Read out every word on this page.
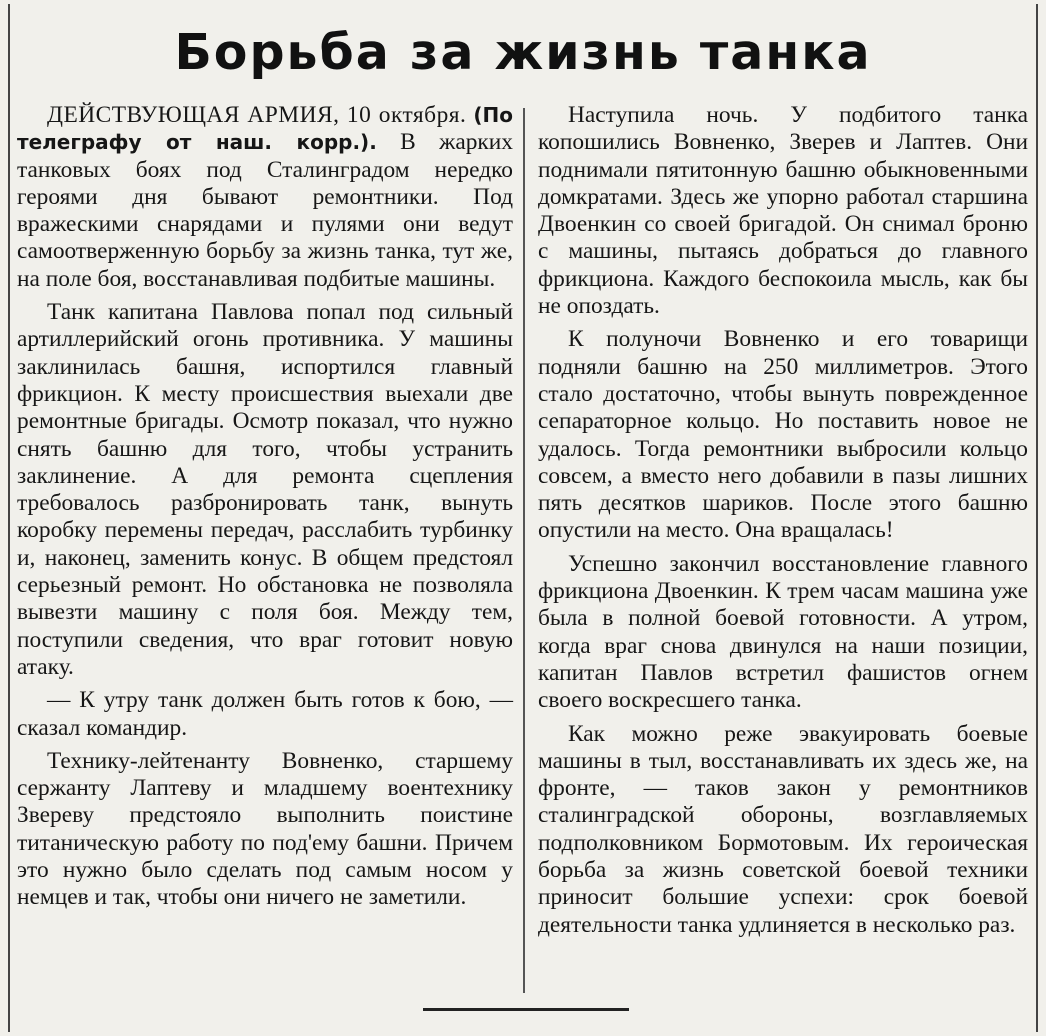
Борьба за жизнь танка

ДЕЙСТВУЮЩАЯ АРМИЯ, 10 октября. (По телеграфу от наш. корр.). В жарких танковых боях под Сталинградом нередко героями дня бывают ремонтники. Под вражескими снарядами и пулями они ведут самоотверженную борьбу за жизнь танка, тут же, на поле боя, восстанавливая подбитые машины.

Танк капитана Павлова попал под сильный артиллерийский огонь противника. У машины заклинилась башня, испортился главный фрикцион. К месту происшествия выехали две ремонтные бригады. Осмотр показал, что нужно снять башню для того, чтобы устранить заклинение. А для ремонта сцепления требовалось разбронировать танк, вынуть коробку перемены передач, расслабить турбинку и, наконец, заменить конус. В общем предстоял серьезный ремонт. Но обстановка не позволяла вывезти машину с поля боя. Между тем, поступили сведения, что враг готовит новую атаку.

— К утру танк должен быть готов к бою, — сказал командир.

Технику-лейтенанту Вовненко, старшему сержанту Лаптеву и младшему воентехнику Звереву предстояло выполнить поистине титаническую работу по под'ему башни. Причем это нужно было сделать под самым носом у немцев и так, чтобы они ничего не заметили.

Наступила ночь. У подбитого танка копошились Вовненко, Зверев и Лаптев. Они поднимали пятитонную башню обыкновенными домкратами. Здесь же упорно работал старшина Двоенкин со своей бригадой. Он снимал броню с машины, пытаясь добраться до главного фрикциона. Каждого беспокоила мысль, как бы не опоздать.

К полуночи Вовненко и его товарищи подняли башню на 250 миллиметров. Этого стало достаточно, чтобы вынуть поврежденное сепараторное кольцо. Но поставить новое не удалось. Тогда ремонтники выбросили кольцо совсем, а вместо него добавили в пазы лишних пять десятков шариков. После этого башню опустили на место. Она вращалась!

Успешно закончил восстановление главного фрикциона Двоенкин. К трем часам машина уже была в полной боевой готовности. А утром, когда враг снова двинулся на наши позиции, капитан Павлов встретил фашистов огнем своего воскресшего танка.

Как можно реже эвакуировать боевые машины в тыл, восстанавливать их здесь же, на фронте, — таков закон у ремонтников сталинградской обороны, возглавляемых подполковником Бормотовым. Их героическая борьба за жизнь советской боевой техники приносит большие успехи: срок боевой деятельности танка удлиняется в несколько раз.
